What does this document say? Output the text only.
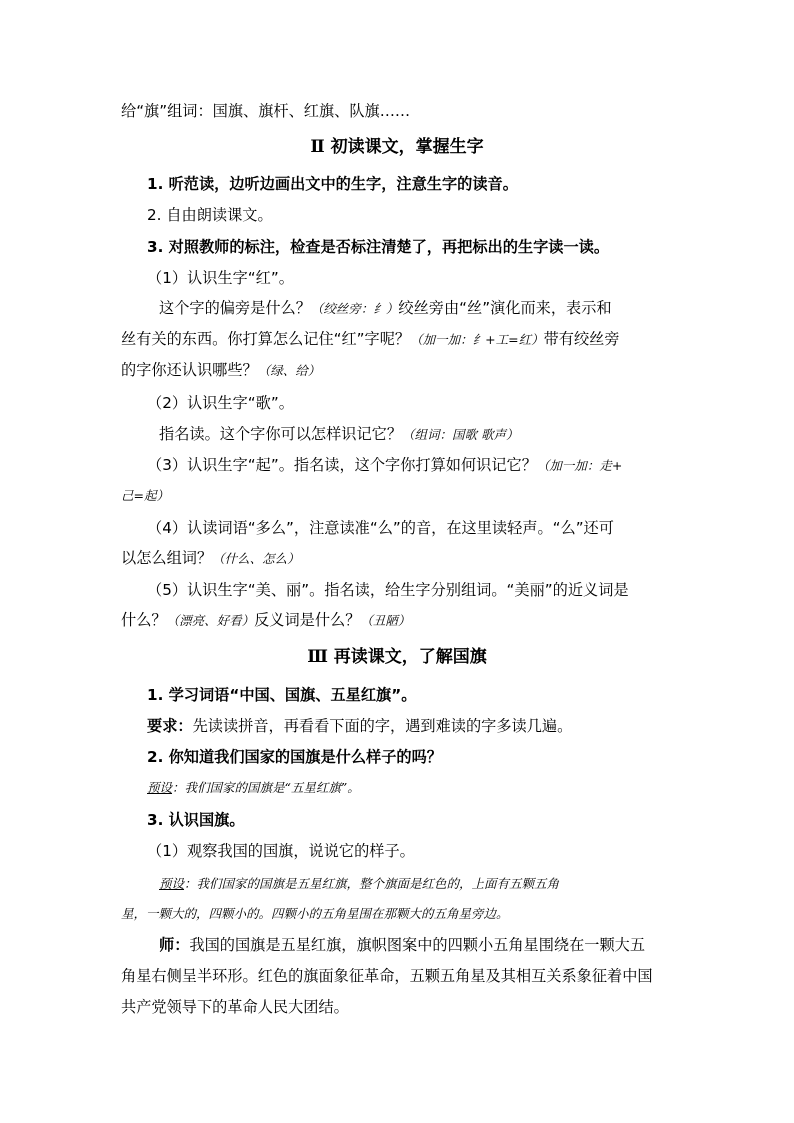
给“旗”组词：国旗、旗杆、红旗、队旗……
Ⅱ 初读课文，掌握生字
1. 听范读，边听边画出文中的生字，注意生字的读音。
2. 自由朗读课文。
3. 对照教师的标注，检查是否标注清楚了，再把标出的生字读一读。
（1）认识生字“红”。
这个字的偏旁是什么？（绞丝旁：纟）绞丝旁由“丝”演化而来，表示和
丝有关的东西。你打算怎么记住“红”字呢？（加一加：纟+工=红）带有绞丝旁
的字你还认识哪些？（绿、给）
（2）认识生字“歌”。
指名读。这个字你可以怎样识记它？（组词：国歌 歌声）
（3）认识生字“起”。指名读，这个字你打算如何识记它？（加一加：走+
己=起）
（4）认读词语“多么”，注意读准“么”的音，在这里读轻声。“么”还可
以怎么组词？（什么、怎么）
（5）认识生字“美、丽”。指名读，给生字分别组词。“美丽”的近义词是
什么？（漂亮、好看）反义词是什么？（丑陋）
Ⅲ 再读课文，了解国旗
1. 学习词语“中国、国旗、五星红旗”。
要求：先读读拼音，再看看下面的字，遇到难读的字多读几遍。
2. 你知道我们国家的国旗是什么样子的吗？
预设：我们国家的国旗是“五星红旗”。
3. 认识国旗。
（1）观察我国的国旗，说说它的样子。
预设：我们国家的国旗是五星红旗，整个旗面是红色的，上面有五颗五角
星，一颗大的，四颗小的。四颗小的五角星围在那颗大的五角星旁边。
师：我国的国旗是五星红旗，旗帜图案中的四颗小五角星围绕在一颗大五
角星右侧呈半环形。红色的旗面象征革命，五颗五角星及其相互关系象征着中国
共产党领导下的革命人民大团结。
